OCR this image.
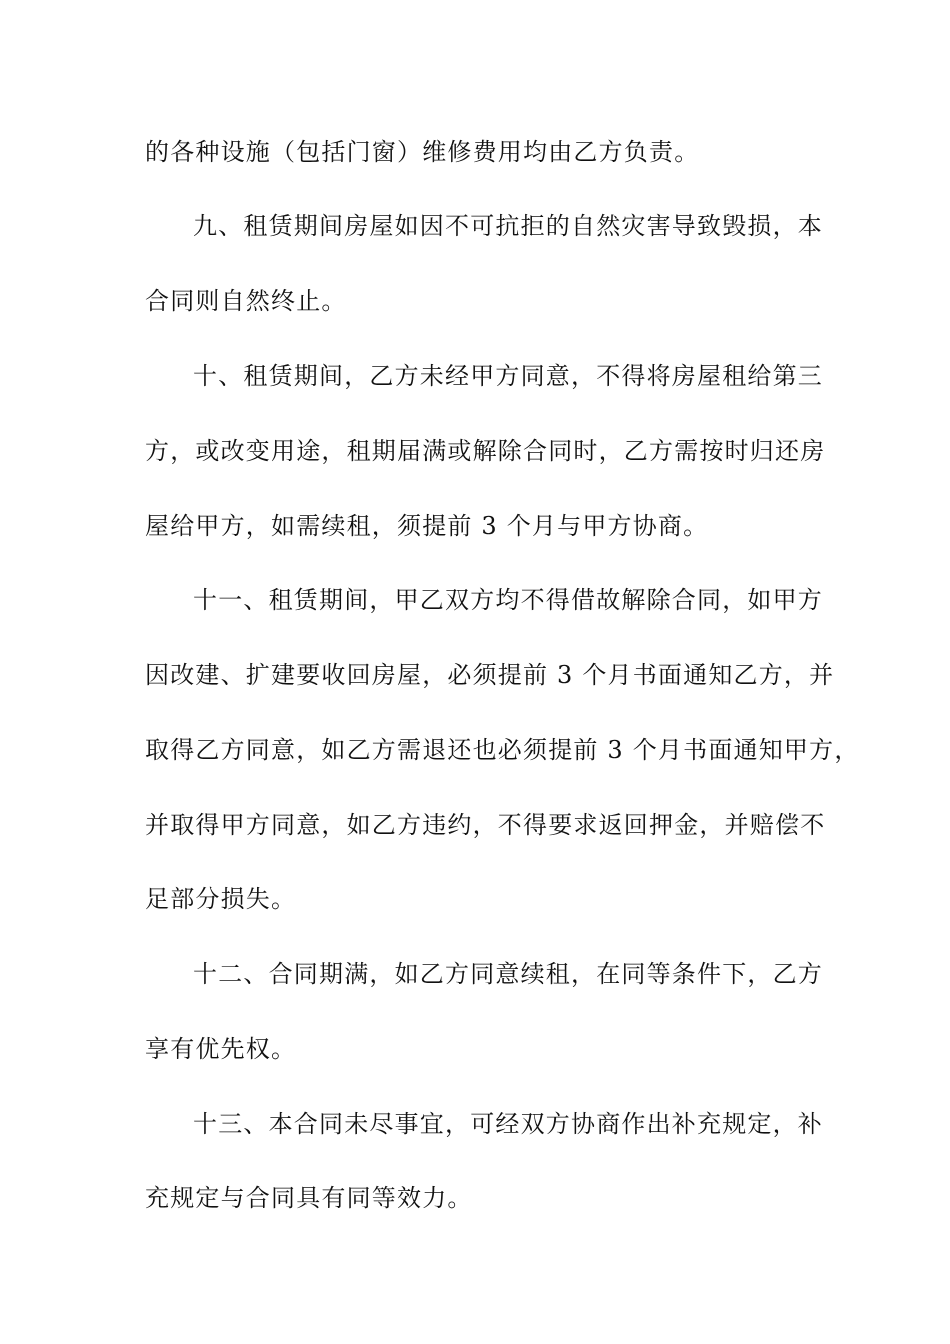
的各种设施（包括门窗）维修费用均由乙方负责。
九、租赁期间房屋如因不可抗拒的自然灾害导致毁损，本
合同则自然终止。
十、租赁期间，乙方未经甲方同意，不得将房屋租给第三
方，或改变用途，租期届满或解除合同时，乙方需按时归还房
屋给甲方，如需续租，须提前 3 个月与甲方协商。
十一、租赁期间，甲乙双方均不得借故解除合同，如甲方
因改建、扩建要收回房屋，必须提前 3 个月书面通知乙方，并
取得乙方同意，如乙方需退还也必须提前 3 个月书面通知甲方，
并取得甲方同意，如乙方违约，不得要求返回押金，并赔偿不
足部分损失。
十二、合同期满，如乙方同意续租，在同等条件下，乙方
享有优先权。
十三、本合同未尽事宜，可经双方协商作出补充规定，补
充规定与合同具有同等效力。
